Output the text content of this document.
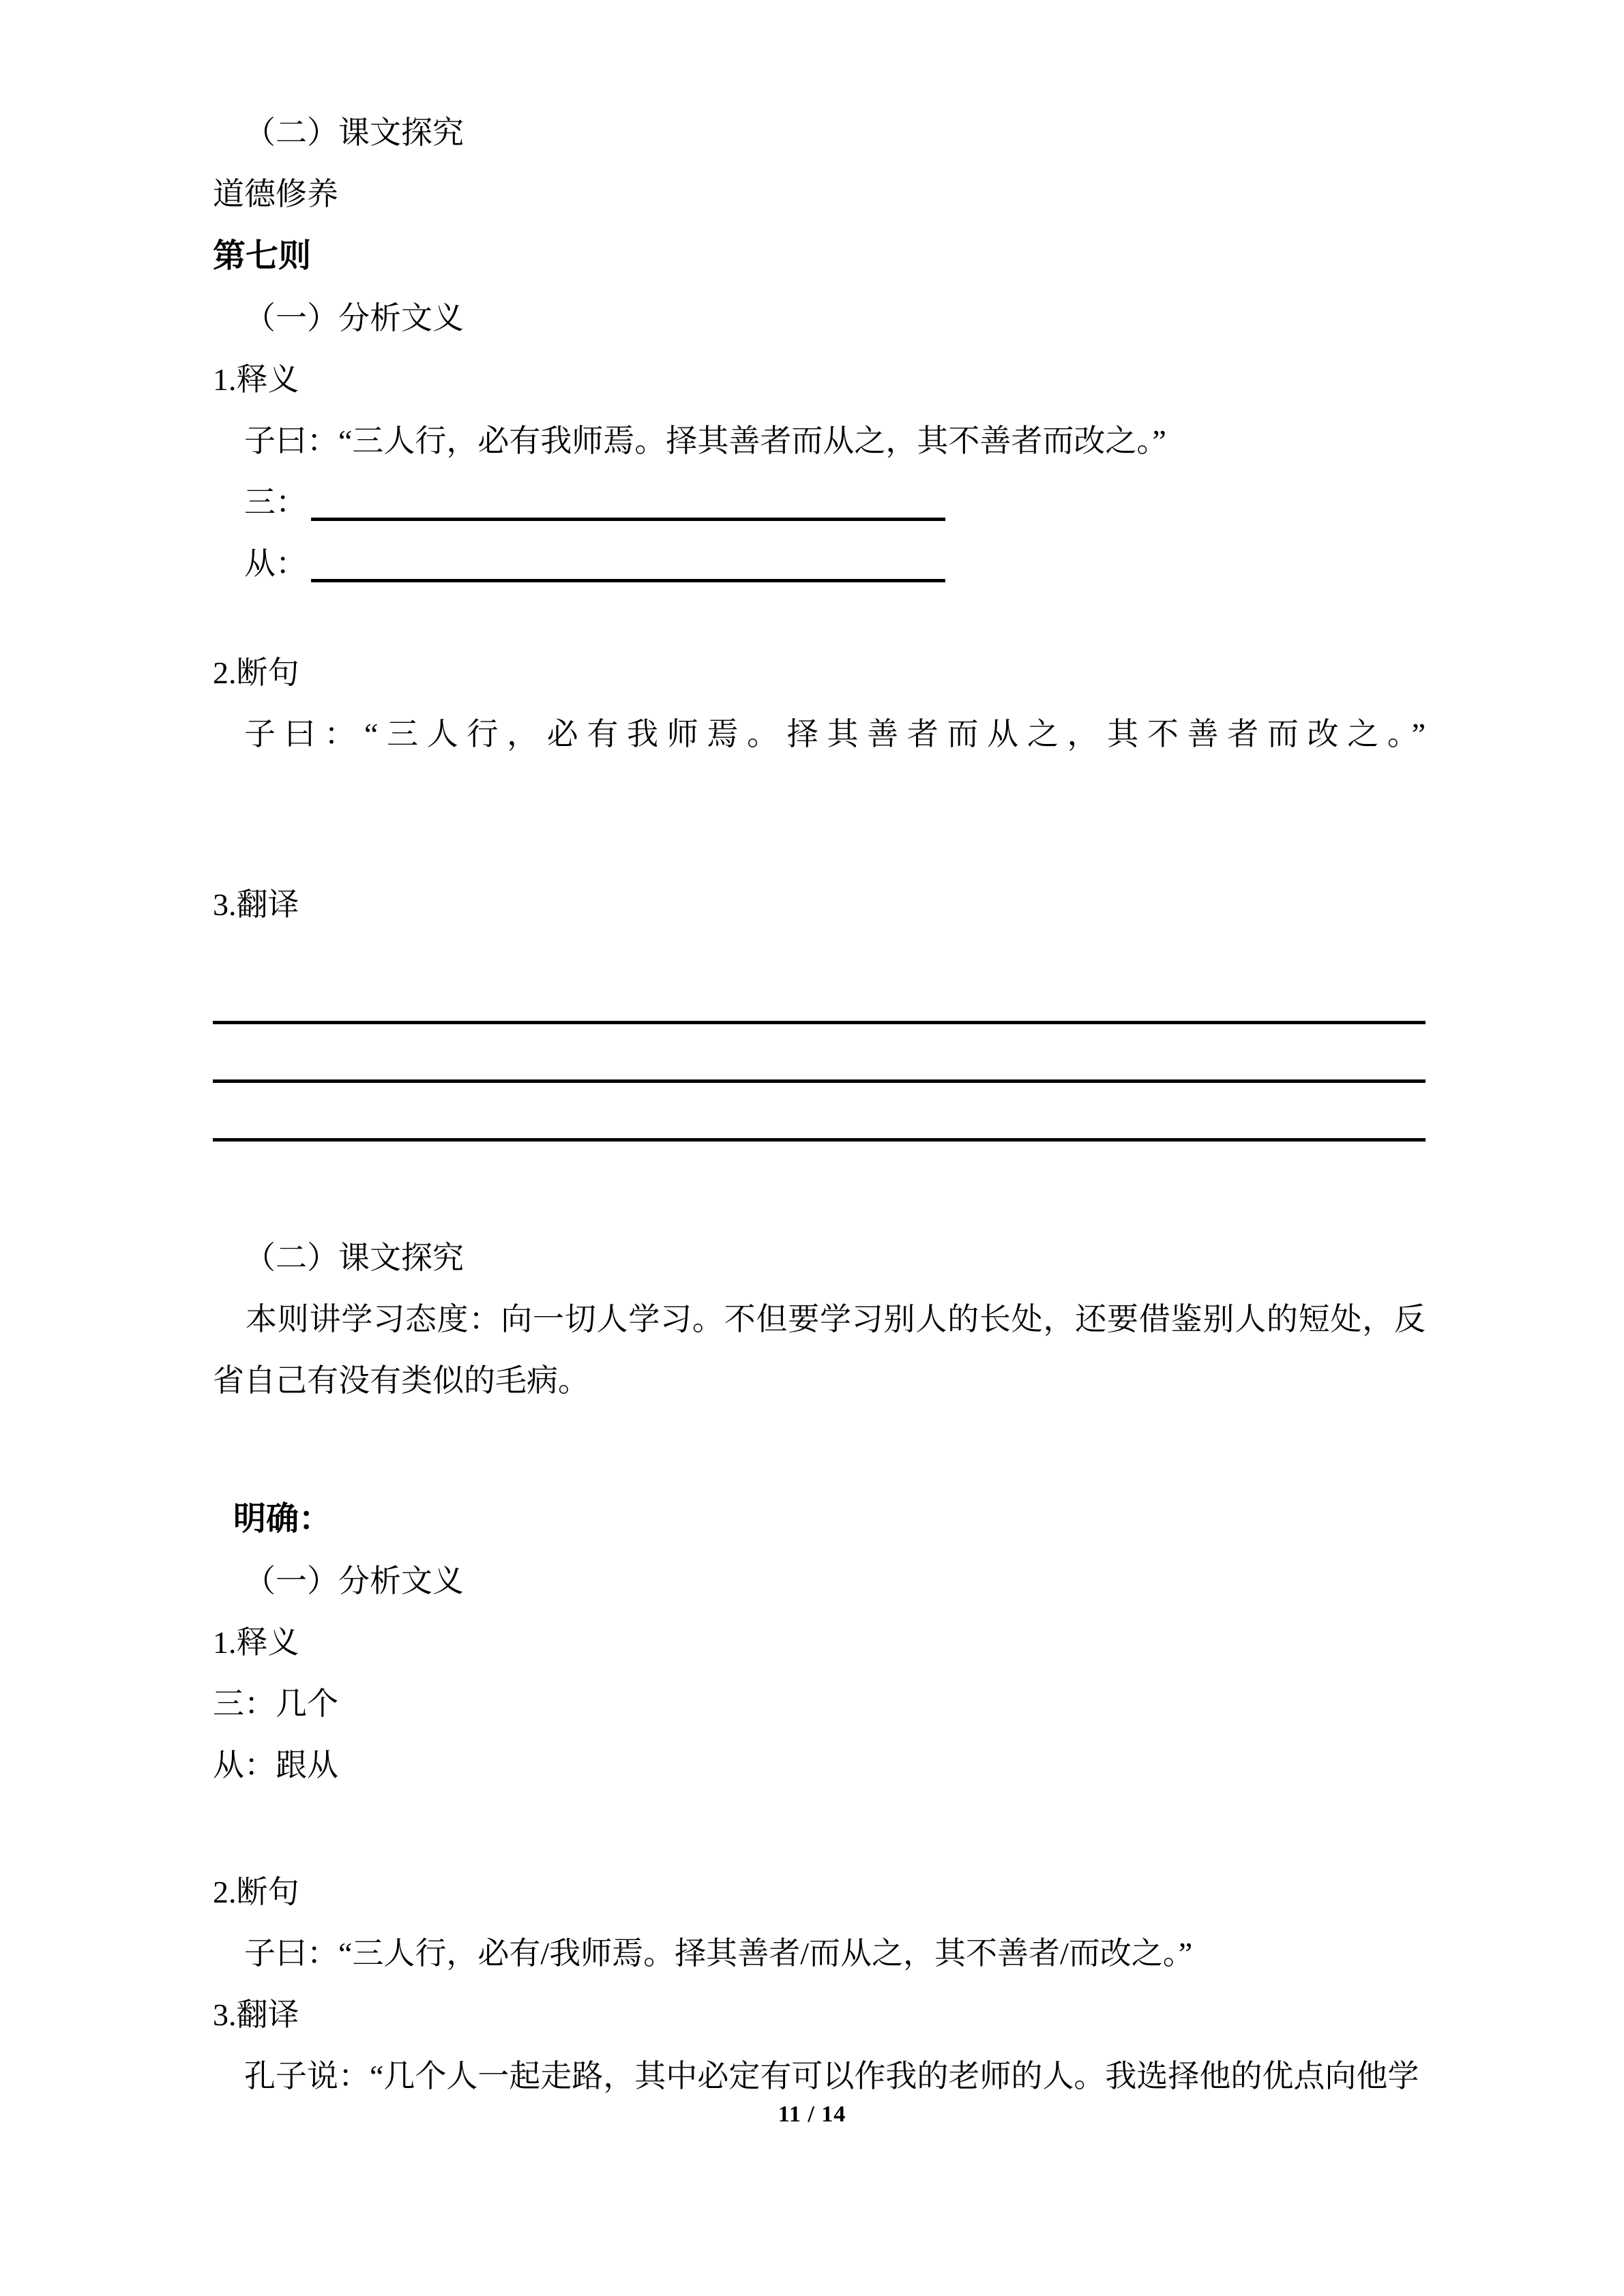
（二）课文探究
道德修养
第七则
（一）分析文义
1.释义
子曰：“三人行，必有我师焉。择其善者而从之，其不善者而改之。”
三：
从：
2.断句
子曰：“三人行，必有我师焉。择其善者而从之，其不善者而改之。”
3.翻译
（二）课文探究
本则讲学习态度：向一切人学习。不但要学习别人的长处，还要借鉴别人的短处，反省自己有没有类似的毛病。
明确：
（一）分析文义
1.释义
三：几个
从：跟从
2.断句
子曰：“三人行，必有/我师焉。择其善者/而从之，其不善者/而改之。”
3.翻译
孔子说：“几个人一起走路，其中必定有可以作我的老师的人。我选择他的优点向他学
11 / 14
